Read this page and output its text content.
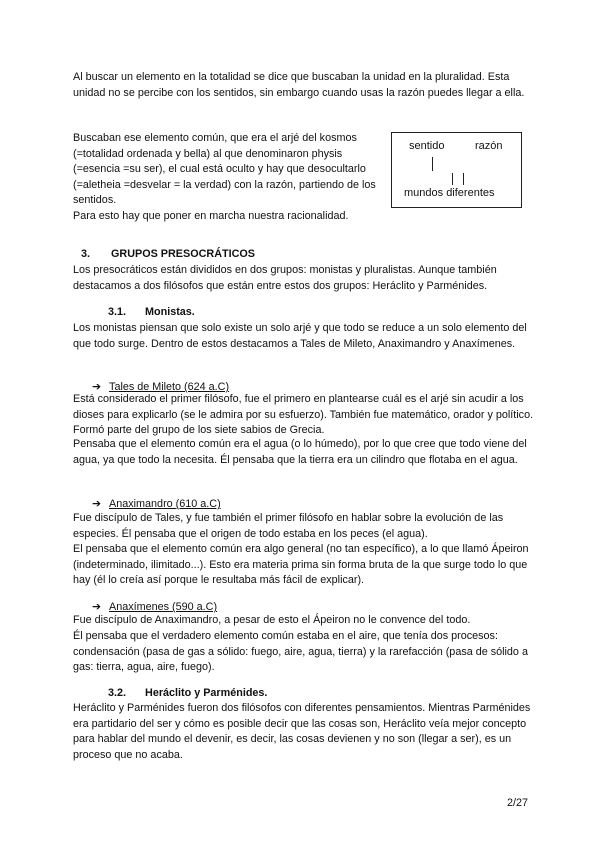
Al buscar un elemento en la totalidad se dice que buscaban la unidad en la pluralidad. Esta unidad no se percibe con los sentidos, sin embargo cuando usas la razón puedes llegar a ella.

Buscaban ese elemento común, que era el arjé del kosmos (=totalidad ordenada y bella) al que denominaron physis (=esencia =su ser), el cual está oculto y hay que desocultarlo (=aletheia =desvelar = la verdad) con la razón, partiendo de los sentidos.

Para esto hay que poner en marcha nuestra racionalidad.

sentido	razón
mundos diferentes
3. GRUPOS PRESOCRÁTICOS

Los presocráticos están divididos en dos grupos: monistas y pluralistas. Aunque también destacamos a dos filósofos que están entre estos dos grupos: Heráclito y Parménides.

3.1. Monistas.

Los monistas piensan que solo existe un solo arjé y que todo se reduce a un solo elemento del que todo surge. Dentro de estos destacamos a Tales de Mileto, Anaximandro y Anaxímenes.

➔ Tales de Mileto (624 a.C)

Está considerado el primer filósofo, fue el primero en plantearse cuál es el arjé sin acudir a los dioses para explicarlo (se le admira por su esfuerzo). También fue matemático, orador y político. Formó parte del grupo de los siete sabios de Grecia.

Pensaba que el elemento común era el agua (o lo húmedo), por lo que cree que todo viene del agua, ya que todo la necesita. Él pensaba que la tierra era un cilindro que flotaba en el agua.

➔ Anaximandro (610 a.C)

Fue discípulo de Tales, y fue también el primer filósofo en hablar sobre la evolución de las especies. Él pensaba que el origen de todo estaba en los peces (el agua).

El pensaba que el elemento común era algo general (no tan específico), a lo que llamó Ápeiron (indeterminado, ilimitado...). Esto era materia prima sin forma bruta de la que surge todo lo que hay (él lo creía así porque le resultaba más fácil de explicar).

➔ Anaxímenes (590 a.C)

Fue discípulo de Anaximandro, a pesar de esto el Ápeiron no le convence del todo.

Él pensaba que el verdadero elemento común estaba en el aire, que tenía dos procesos: condensación (pasa de gas a sólido: fuego, aire, agua, tierra) y la rarefacción (pasa de sólido a gas: tierra, agua, aire, fuego).

3.2. Heráclito y Parménides.

Heráclito y Parménides fueron dos filósofos con diferentes pensamientos. Mientras Parménides era partidario del ser y cómo es posible decir que las cosas son, Heráclito veía mejor concepto para hablar del mundo el devenir, es decir, las cosas devienen y no son (llegar a ser), es un proceso que no acaba.

2/27
